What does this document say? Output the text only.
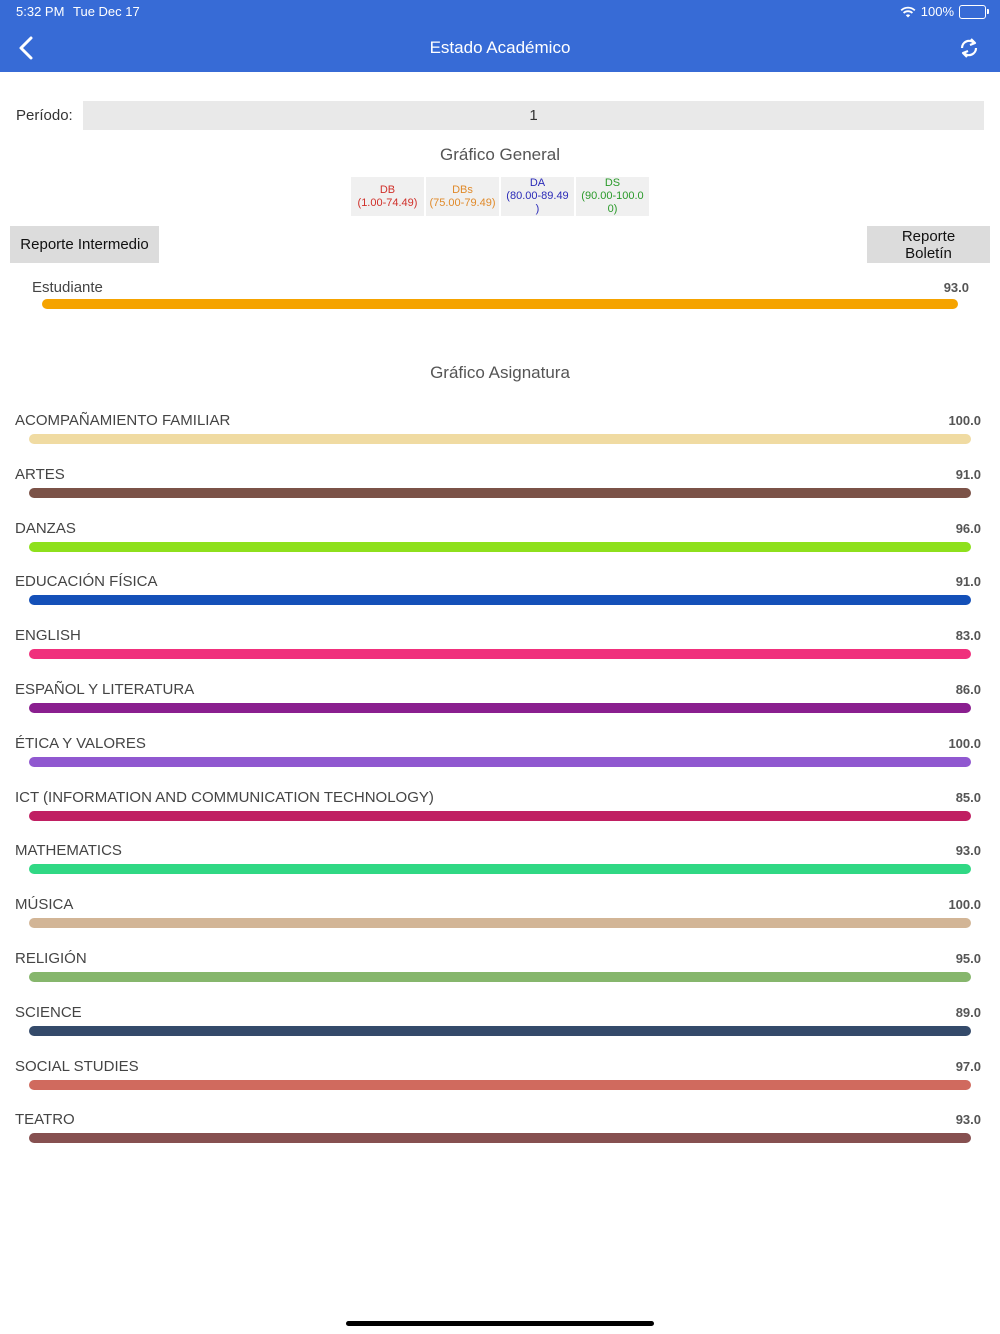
5:32 PM Tue Dec 17	100%
Estado Académico
Período:	1
Gráfico General
DB
(1.00-74.49)
DBs
(75.00-79.49)
DA
(80.00-89.49
)
DS
(90.00-100.0
0)
Reporte Intermedio	Reporte Boletín
Estudiante	93.0
Gráfico Asignatura
ACOMPAÑAMIENTO FAMILIAR	100.0
ARTES	91.0
DANZAS	96.0
EDUCACIÓN FÍSICA	91.0
ENGLISH	83.0
ESPAÑOL Y LITERATURA	86.0
ÉTICA Y VALORES	100.0
ICT (INFORMATION AND COMMUNICATION TECHNOLOGY)	85.0
MATHEMATICS	93.0
MÚSICA	100.0
RELIGIÓN	95.0
SCIENCE	89.0
SOCIAL STUDIES	97.0
TEATRO	93.0
